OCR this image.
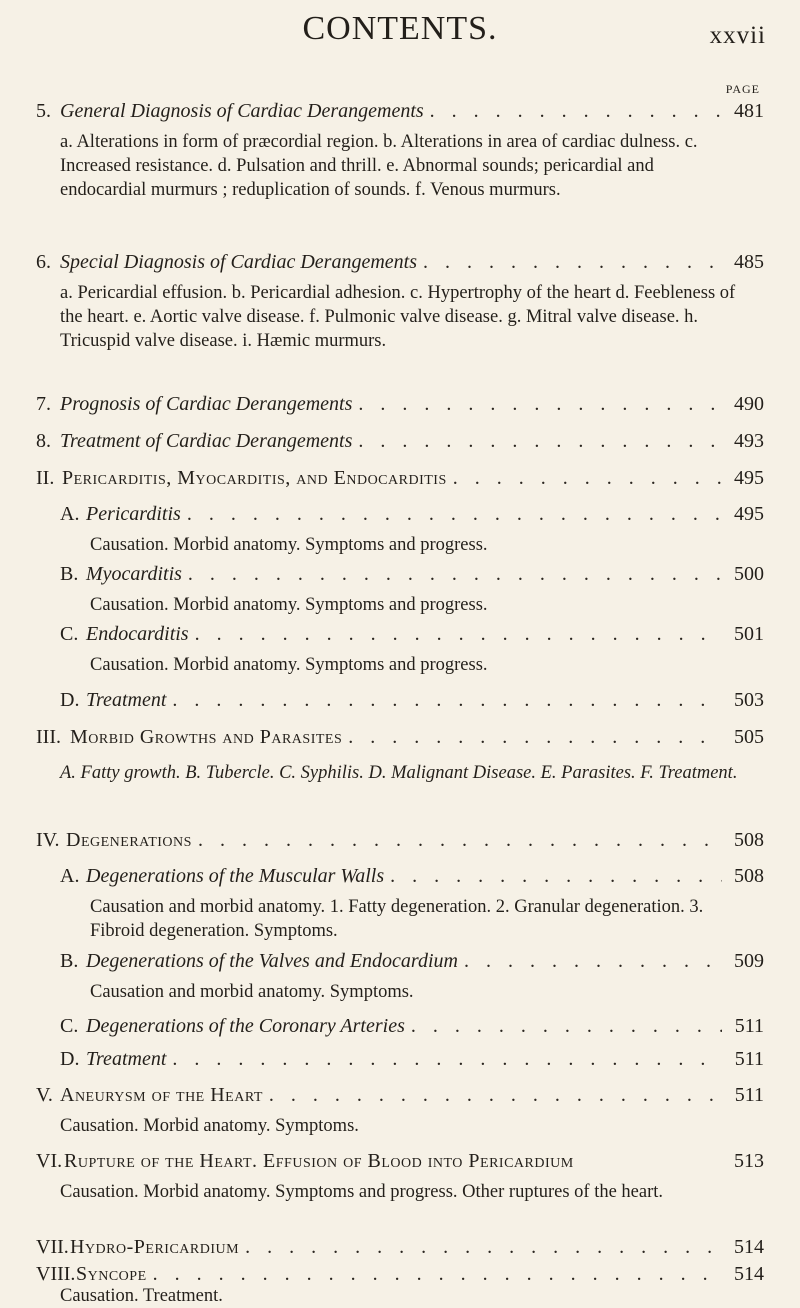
CONTENTS.	xxvii
PAGE
5. General Diagnosis of Cardiac Derangements . . .	481
a. Alterations in form of præcordial region. b. Alterations in area of cardiac dulness. c. Increased resistance. d. Pulsation and thrill. e. Abnormal sounds; pericardial and endocardial murmurs ; reduplication of sounds. f. Venous murmurs.
6. Special Diagnosis of Cardiac Derangements . . .	485
a. Pericardial effusion. b. Pericardial adhesion. c. Hypertrophy of the heart d. Feebleness of the heart. e. Aortic valve disease. f. Pulmonic valve disease. g. Mitral valve disease. h. Tricuspid valve disease. i. Hæmic murmurs.
7. Prognosis of Cardiac Derangements . . .	490
8. Treatment of Cardiac Derangements . . .	493
II. Pericarditis, Myocarditis, and Endocarditis . . .	495
A. Pericarditis . . .	495
Causation. Morbid anatomy. Symptoms and progress.
B. Myocarditis . . .	500
Causation. Morbid anatomy. Symptoms and progress.
C. Endocarditis . . .	501
Causation. Morbid anatomy. Symptoms and progress.
D. Treatment . . .	503
III. Morbid Growths and Parasites . . .	505
A. Fatty growth. B. Tubercle. C. Syphilis. D. Malignant Disease. E. Parasites. F. Treatment.
IV. Degenerations . . .	508
A. Degenerations of the Muscular Walls . . .	508
Causation and morbid anatomy. 1. Fatty degeneration. 2. Granular degeneration. 3. Fibroid degeneration. Symptoms.
B. Degenerations of the Valves and Endocardium . . .	509
Causation and morbid anatomy. Symptoms.
C. Degenerations of the Coronary Arteries . . .	511
D. Treatment . . .	511
V. Aneurysm of the Heart . . .	511
Causation. Morbid anatomy. Symptoms.
VI. Rupture of the Heart. Effusion of Blood into Pericardium	513
Causation. Morbid anatomy. Symptoms and progress. Other ruptures of the heart.
VII. Hydro-Pericardium . . .	514
VIII. Syncope . . .	514
Causation. Treatment.
